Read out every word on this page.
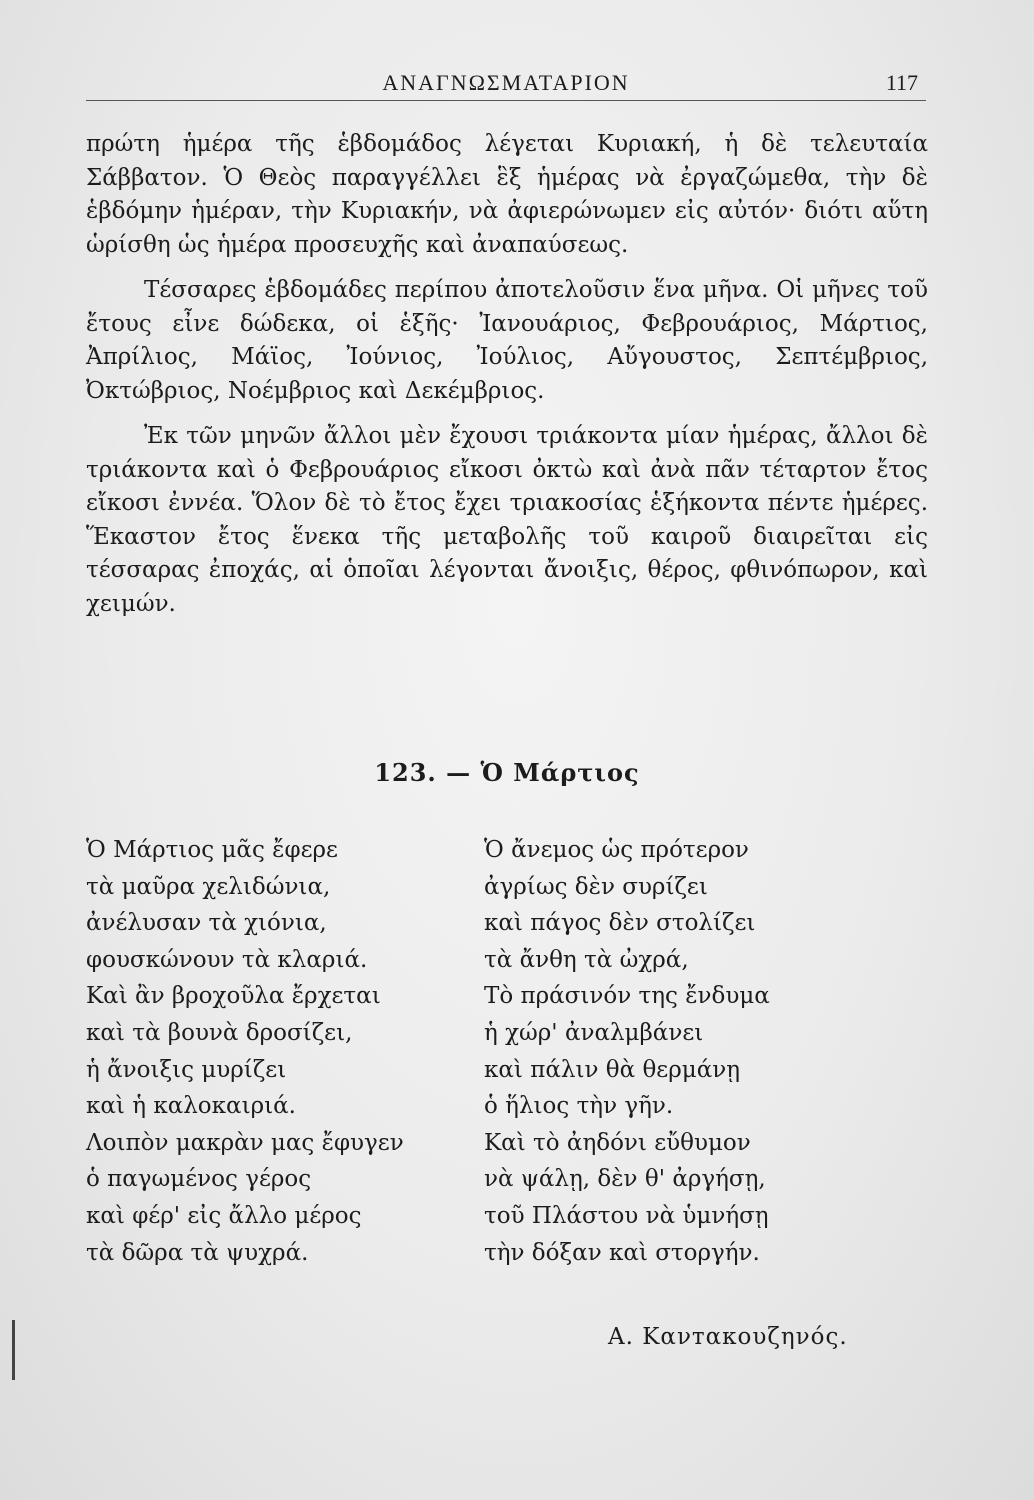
ΑΝΑΓΝΩΣΜΑΤΑΡΙΟΝ	117

πρώτη ἡμέρα τῆς ἑβδομάδος λέγεται Κυριακή, ἡ δὲ τελευταία Σάββατον. Ὁ Θεὸς παραγγέλλει ἓξ ἡμέρας νὰ ἐργαζώμεθα, τὴν δὲ ἑβδόμην ἡμέραν, τὴν Κυριακήν, νὰ ἀφιερώνωμεν εἰς αὐτόν· διότι αὕτη ὡρίσθη ὡς ἡμέρα προσευχῆς καὶ ἀναπαύσεως.

Τέσσαρες ἑβδομάδες περίπου ἀποτελοῦσιν ἕνα μῆνα. Οἱ μῆνες τοῦ ἔτους εἶνε δώδεκα, οἱ ἑξῆς· Ἰανουάριος, Φεβρουάριος, Μάρτιος, Ἀπρίλιος, Μάϊος, Ἰούνιος, Ἰούλιος, Αὔγουστος, Σεπτέμβριος, Ὀκτώβριος, Νοέμβριος καὶ Δεκέμβριος.

Ἐκ τῶν μηνῶν ἄλλοι μὲν ἔχουσι τριάκοντα μίαν ἡμέρας, ἄλλοι δὲ τριάκοντα καὶ ὁ Φεβρουάριος εἴκοσι ὀκτὼ καὶ ἀνὰ πᾶν τέταρτον ἔτος εἴκοσι ἐννέα. Ὅλον δὲ τὸ ἔτος ἔχει τριακοσίας ἑξήκοντα πέντε ἡμέρες. Ἕκαστον ἔτος ἕνεκα τῆς μεταβολῆς τοῦ καιροῦ διαιρεῖται εἰς τέσσαρας ἐποχάς, αἱ ὁποῖαι λέγονται ἄνοιξις, θέρος, φθινόπωρον, καὶ χειμών.

123. — Ὁ Μάρτιος
Ὁ Μάρτιος μᾶς ἔφερε
τὰ μαῦρα χελιδώνια,
ἀνέλυσαν τὰ χιόνια,
φουσκώνουν τὰ κλαριά.
Καὶ ἂν βροχοῦλα ἔρχεται
καὶ τὰ βουνὰ δροσίζει,
ἡ ἄνοιξις μυρίζει
καὶ ἡ καλοκαιριά.
Λοιπὸν μακρὰν μας ἔφυγεν
ὁ παγωμένος γέρος
καὶ φέρ' εἰς ἄλλο μέρος
τὰ δῶρα τὰ ψυχρά.
Ὁ ἄνεμος ὡς πρότερον
ἀγρίως δὲν συρίζει
καὶ πάγος δὲν στολίζει
τὰ ἄνθη τὰ ὠχρά,
Τὸ πράσινόν της ἔνδυμα
ἡ χώρ' ἀναλμβάνει
καὶ πάλιν θὰ θερμάνῃ
ὁ ἥλιος τὴν γῆν.
Καὶ τὸ ἀηδόνι εὔθυμον
νὰ ψάλῃ, δὲν θ' ἀργήσῃ,
τοῦ Πλάστου νὰ ὑμνήσῃ
τὴν δόξαν καὶ στοργήν.
Α. Κανтακουζηνός.
